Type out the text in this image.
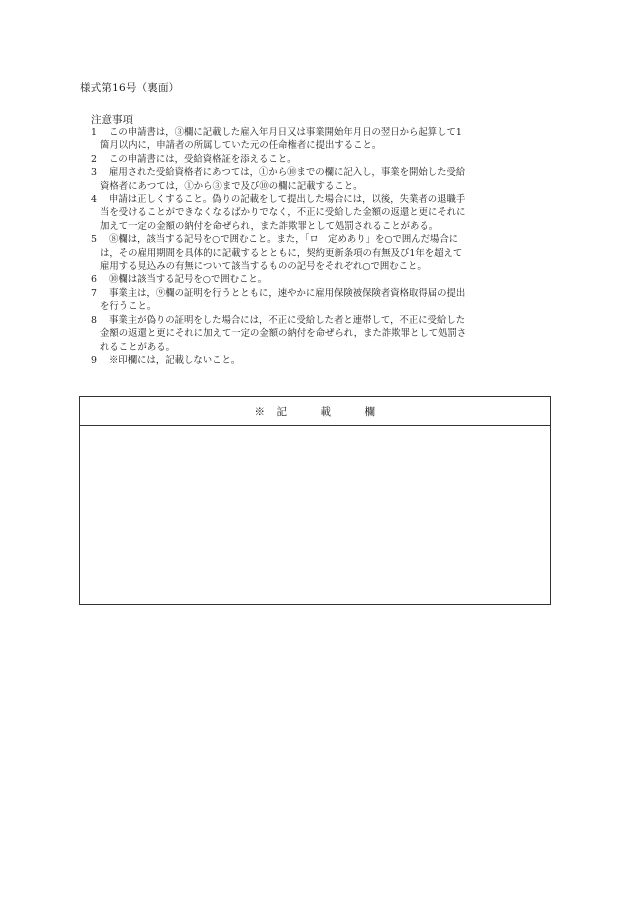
様式第16号（裏面）
注意事項
1	この申請書は，③欄に記載した雇入年月日又は事業開始年月日の翌日から起算して1
箇月以内に，申請者の所属していた元の任命権者に提出すること。
2	この申請書には，受給資格証を添えること。
3	雇用された受給資格者にあつては，①から⑩までの欄に記入し，事業を開始した受給
資格者にあつては，①から③まで及び⑩の欄に記載すること。
4	申請は正しくすること。偽りの記載をして提出した場合には，以後，失業者の退職手
当を受けることができなくなるばかりでなく，不正に受給した金額の返還と更にそれに
加えて一定の金額の納付を命ぜられ，また詐欺罪として処罰されることがある。
5	⑧欄は，該当する記号を○で囲むこと。また，「ロ　定めあり」を○で囲んだ場合に
は，その雇用期間を具体的に記載するとともに，契約更新条項の有無及び1年を超えて
雇用する見込みの有無について該当するものの記号をそれぞれ○で囲むこと。
6	⑩欄は該当する記号を○で囲むこと。
7	事業主は，⑨欄の証明を行うとともに，速やかに雇用保険被保険者資格取得届の提出
を行うこと。
8	事業主が偽りの証明をした場合には，不正に受給した者と連帯して，不正に受給した
金額の返還と更にそれに加えて一定の金額の納付を命ぜられ，また詐欺罪として処罰さ
れることがある。
9	※印欄には，記載しないこと。
※　記　　　載　　　欄
